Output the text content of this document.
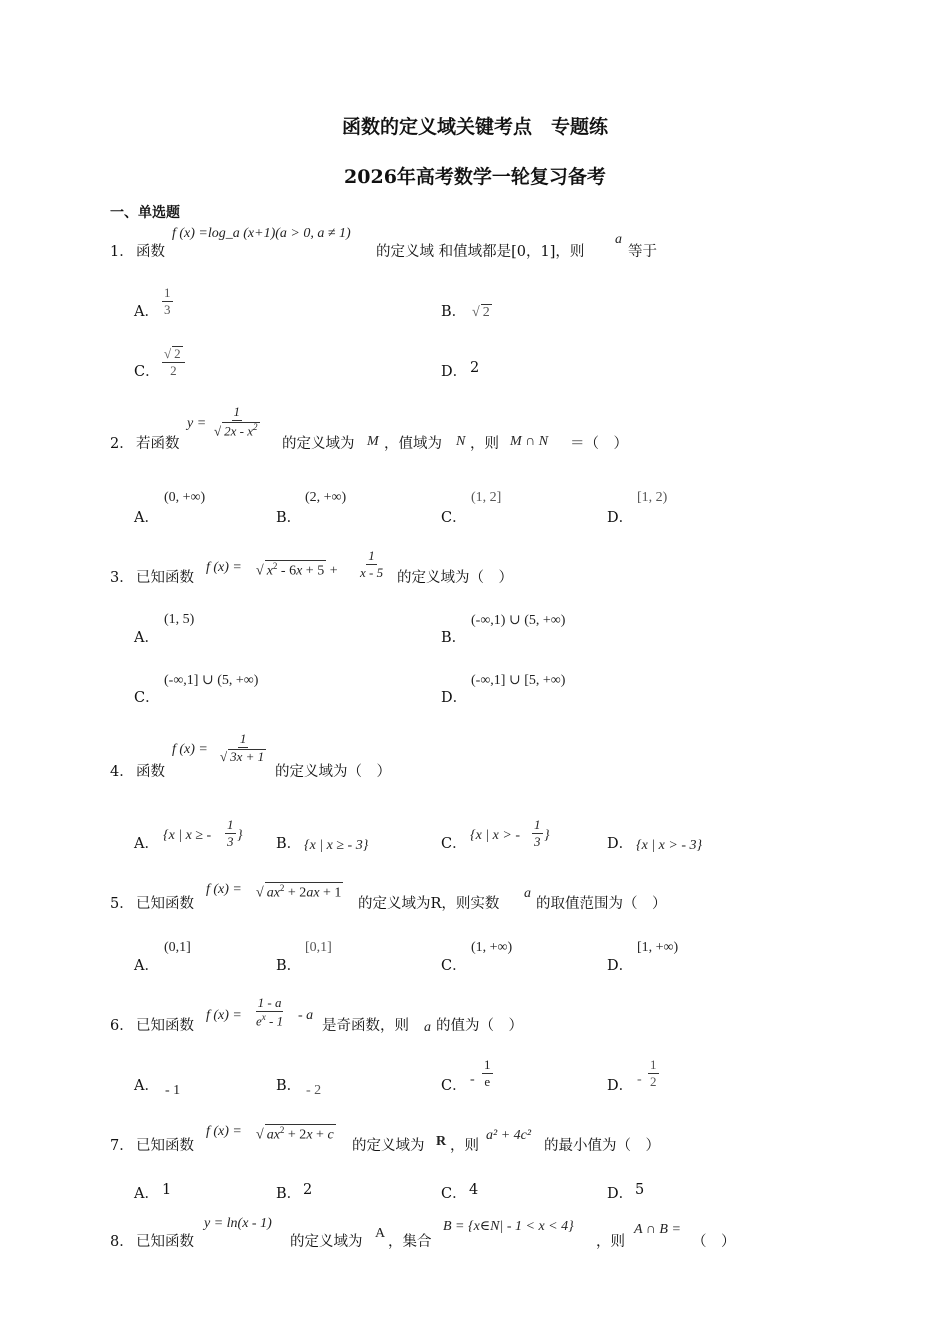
函数的定义域关键考点　专题练
2026年高考数学一轮复习备考
一、单选题
1． 函数
f (x) =log_a (x+1)(a > 0, a ≠ 1)
的定义域 和值域都是[0，1]，则
a
等于
A． $\frac{1}{3}$	B． √ 2
C． $\frac{√ 2}{2}$	D． 2
2． 若函数
$y = \frac{1}{√ 2x - x^2}$
的定义域为 M ，值域为 N ，则 M ∩ N ＝（　）
A．
(0, +∞)
B．
(2, +∞)
C．
(1, 2]
D．
[1, 2)
3． 已知函数
f (x) = √ $x^2 - 6x + 5 + \frac{1}{x - 5}$ 的定义域为（　）
A．
(1, 5)
B．
(-∞,1) ∪ (5, +∞)
C．
(-∞,1] ∪ (5, +∞)
D．
(-∞,1] ∪ [5, +∞)
4． 函数
f $(x) = \frac{1}{√ 3x + 1}$
的定义域为（　）
A．
{x | x ≥ - $\frac{1}{3}$ }
B． {x | x ≥ - 3}	C．
{x | x > - $\frac{1}{3}$ }
D． {x | x > - 3}
5． 已知函数
f (x) = √ $ax^2 + 2ax + 1$
的定义域为R，则实数
a
的取值范围为（　）
A．
(0,1]
B．
[0,1]
C．
(1, +∞)
D．
[1, +∞)
6． 已知函数
f $(x) = \frac{1 - a}{e^x - 1} - a$
是奇函数，则 a 的值为（　）
A． - 1	B． - 2	C． - $\frac{1}{e}$	D． - $\frac{1}{2}$
7． 已知函数
f (x) = √ $ax^2 + 2x + c$
的定义域为 R ，则
a² + 4c²
的最小值为（　）
A． 1	B． 2	C． 4	D． 5
8． 已知函数
y = ln(x - 1)
的定义域为
A
，集合
B = {x∈N| - 1 < x < 4}
，则
A ∩ B =
（　）
